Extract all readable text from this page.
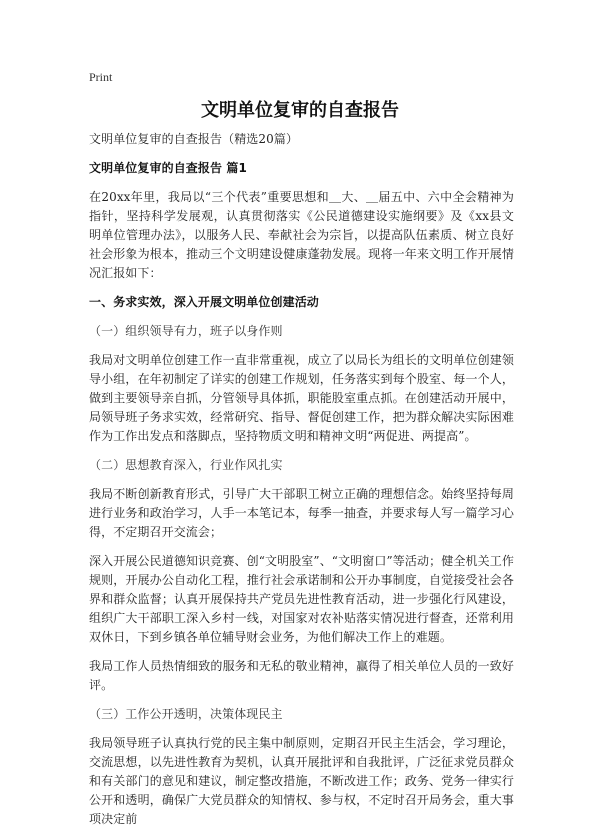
Print
文明单位复审的自查报告

文明单位复审的自查报告（精选20篇）

文明单位复审的自查报告 篇1

在20xx年里，我局以“三个代表”重要思想和＿大、＿届五中、六中全会精神为指针，坚持科学发展观，认真贯彻落实《公民道德建设实施纲要》及《xx县文明单位管理办法》，以服务人民、奉献社会为宗旨，以提高队伍素质、树立良好社会形象为根本，推动三个文明建设健康蓬勃发展。现将一年来文明工作开展情况汇报如下：

一、务求实效，深入开展文明单位创建活动

（一）组织领导有力，班子以身作则

我局对文明单位创建工作一直非常重视，成立了以局长为组长的文明单位创建领导小组，在年初制定了详实的创建工作规划，任务落实到每个股室、每一个人，做到主要领导亲自抓，分管领导具体抓，职能股室重点抓。在创建活动开展中，局领导班子务求实效，经常研究、指导、督促创建工作，把为群众解决实际困难作为工作出发点和落脚点，坚持物质文明和精神文明“两促进、两提高”。

（二）思想教育深入，行业作风扎实

我局不断创新教育形式，引导广大干部职工树立正确的理想信念。始终坚持每周进行业务和政治学习，人手一本笔记本，每季一抽查，并要求每人写一篇学习心得，不定期召开交流会；

深入开展公民道德知识竞赛、创“文明股室”、“文明窗口”等活动；健全机关工作规则，开展办公自动化工程，推行社会承诺制和公开办事制度，自觉接受社会各界和群众监督；认真开展保持共产党员先进性教育活动，进一步强化行风建设，组织广大干部职工深入乡村一线，对国家对农补贴落实情况进行督查，还常利用双休日，下到乡镇各单位辅导财会业务，为他们解决工作上的难题。

我局工作人员热情细致的服务和无私的敬业精神，赢得了相关单位人员的一致好评。

（三）工作公开透明，决策体现民主

我局领导班子认真执行党的民主集中制原则，定期召开民主生活会，学习理论，交流思想，以先进性教育为契机，认真开展批评和自我批评，广泛征求党员群众和有关部门的意见和建议，制定整改措施，不断改进工作；政务、党务一律实行公开和透明，确保广大党员群众的知情权、参与权，不定时召开局务会，重大事项决定前
